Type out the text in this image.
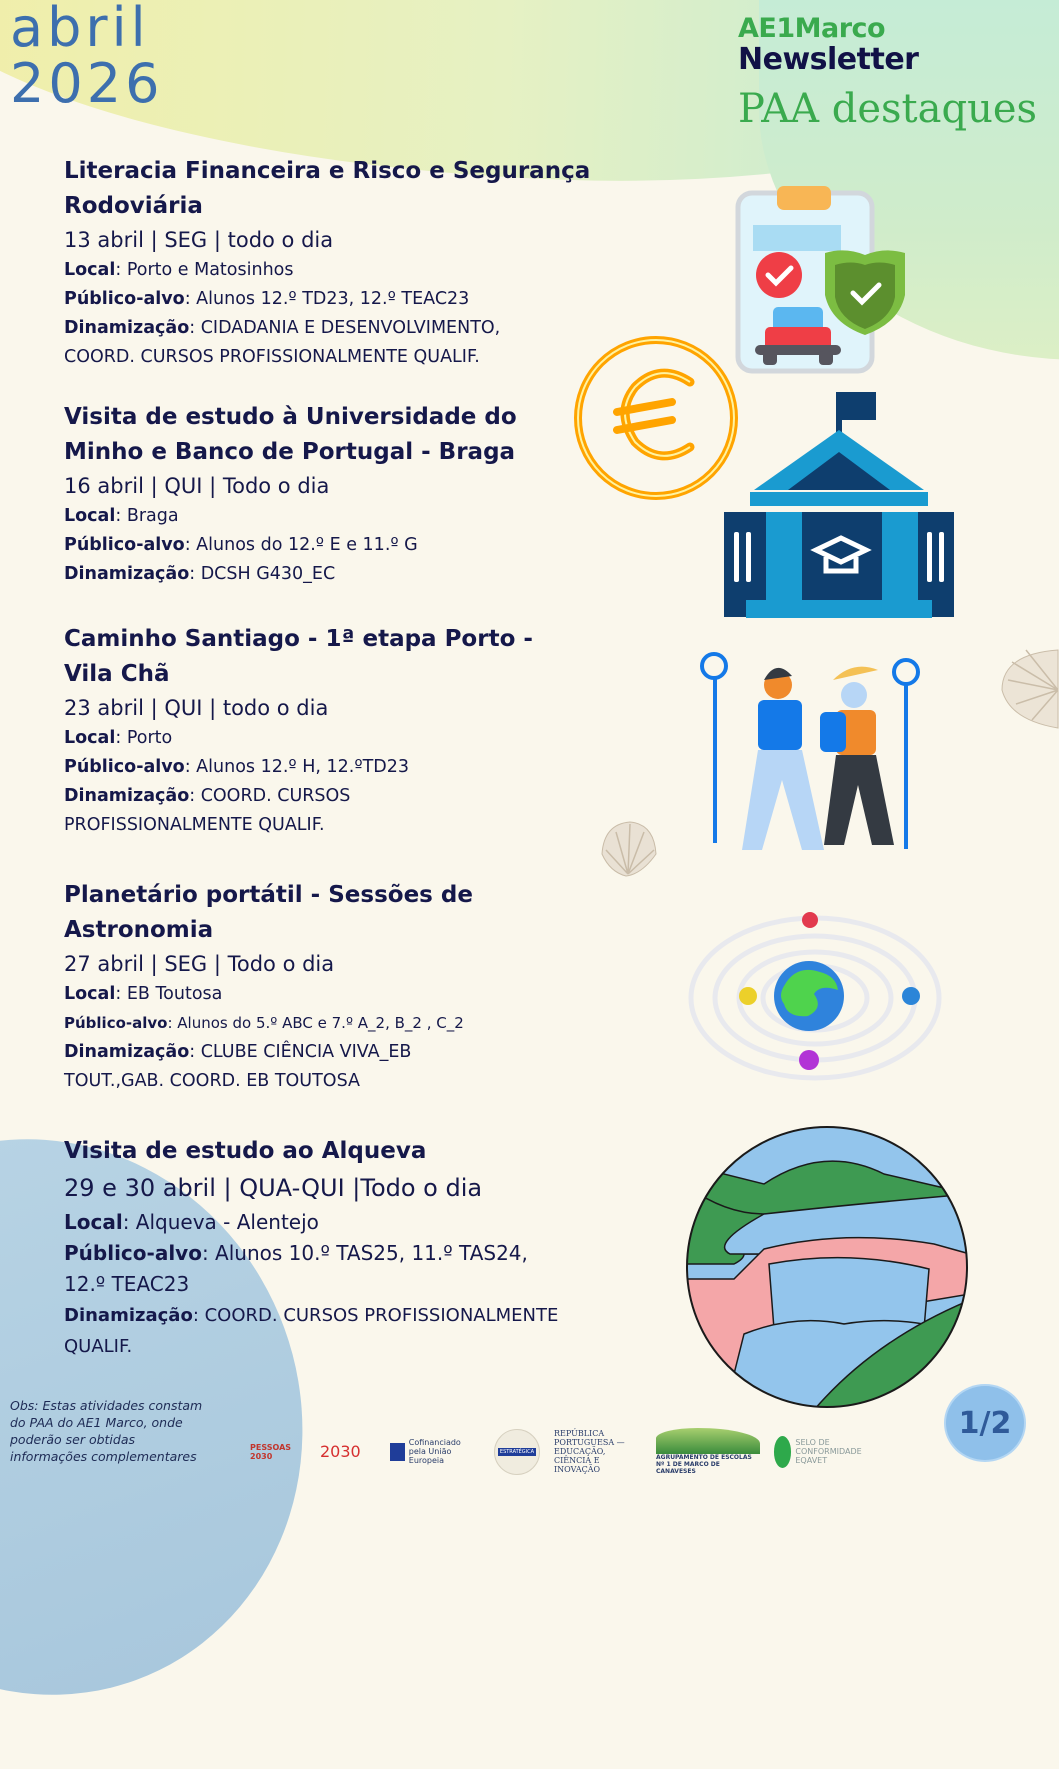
abril
2026
AE1Marco
Newsletter
PAA destaques
Literacia Financeira e Risco e Segurança
Rodoviária
13 abril | SEG | todo o dia
Local: Porto e Matosinhos
Público-alvo: Alunos 12.º TD23, 12.º TEAC23
Dinamização: CIDADANIA E DESENVOLVIMENTO,
COORD. CURSOS PROFISSIONALMENTE QUALIF.
Visita de estudo à Universidade do
Minho e Banco de Portugal - Braga
16 abril | QUI | Todo o dia
Local: Braga
Público-alvo: Alunos do 12.º E e 11.º G
Dinamização: DCSH G430_EC
Caminho Santiago - 1ª etapa Porto -
Vila Chã
23 abril | QUI | todo o dia
Local: Porto
Público-alvo: Alunos 12.º H, 12.ºTD23
Dinamização: COORD. CURSOS
PROFISSIONALMENTE QUALIF.
Planetário portátil - Sessões de
Astronomia
27 abril | SEG | Todo o dia
Local: EB Toutosa
Público-alvo: Alunos do 5.º ABC e 7.º A_2, B_2 , C_2
Dinamização: CLUBE CIÊNCIA VIVA_EB
TOUT.,GAB. COORD. EB TOUTOSA
Visita de estudo ao Alqueva
29 e 30 abril | QUA-QUI |Todo o dia
Local: Alqueva - Alentejo
Público-alvo: Alunos 10.º TAS25, 11.º TAS24,
12.º TEAC23
Dinamização: COORD. CURSOS PROFISSIONALMENTE
QUALIF.
Obs: Estas atividades constam do PAA do AE1 Marco, onde poderão ser obtidas informações complementares
PESSOAS 2030	2030	Cofinanciado pela União Europeia
ESTRATÉGICA
REPÚBLICA PORTUGUESA — EDUCAÇÃO, CIÊNCIA E INOVAÇÃO
AGRUPAMENTO DE ESCOLAS Nº 1 DE MARCO DE CANAVESES
SELO DE CONFORMIDADE EQAVET
1/2
